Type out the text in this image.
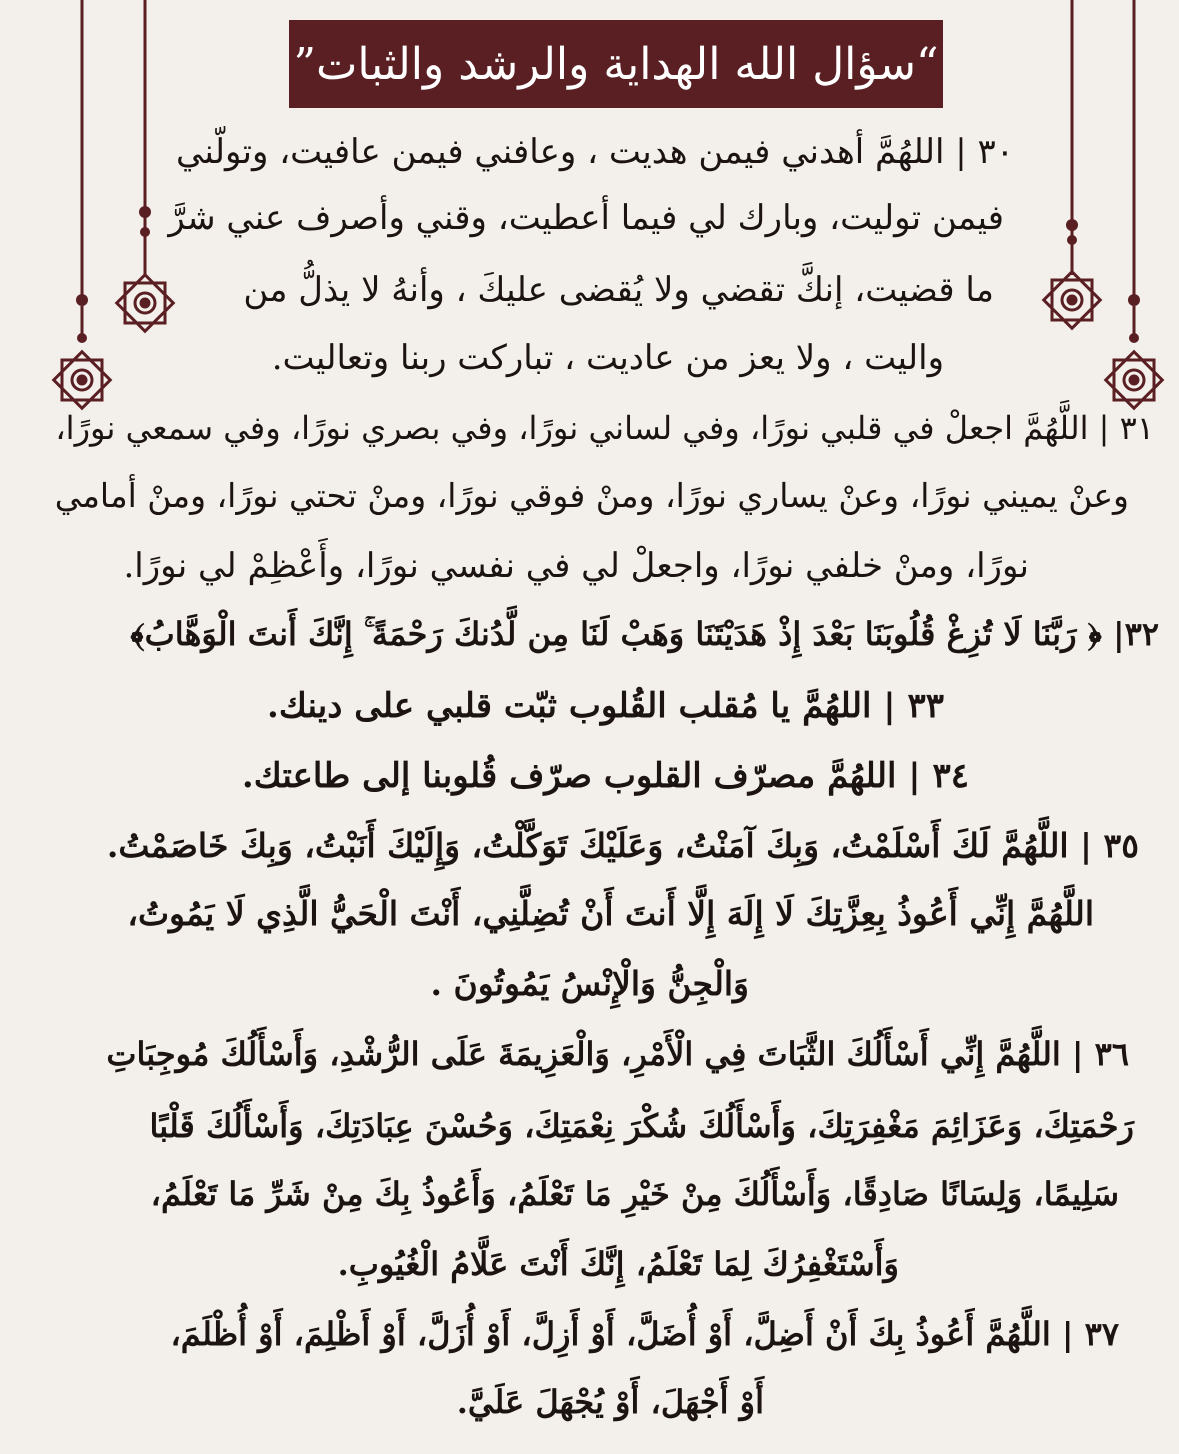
“سؤال الله الهداية والرشد والثبات”
٣٠ | اللهُمَّ أهدني فيمن هديت ، وعافني فيمن عافيت، وتولّني
فيمن توليت، وبارك لي فيما أعطيت، وقني وأصرف عني شرَّ
ما قضيت، إنكَّ تقضي ولا يُقضى عليكَ ، وأنهُ لا يذلُّ من
واليت ، ولا يعز من عاديت ، تباركت ربنا وتعاليت.
٣١ | اللَّهُمَّ اجعلْ في قلبي نورًا، وفي لساني نورًا، وفي بصري نورًا، وفي سمعي نورًا،
وعنْ يميني نورًا، وعنْ يساري نورًا، ومنْ فوقي نورًا، ومنْ تحتي نورًا، ومنْ أمامي
نورًا، ومنْ خلفي نورًا، واجعلْ لي في نفسي نورًا، وأَعْظِمْ لي نورًا.
٣٢| ﴿ رَبَّنَا لَا تُزِغْ قُلُوبَنَا بَعْدَ إِذْ هَدَيْتَنَا وَهَبْ لَنَا مِن لَّدُنكَ رَحْمَةً ۚ إِنَّكَ أَنتَ الْوَهَّابُ﴾
٣٣ | اللهُمَّ يا مُقلب القُلوب ثبّت قلبي على دينك.
٣٤ | اللهُمَّ مصرّف القلوب صرّف قُلوبنا إلى طاعتك.
٣٥ | اللَّهُمَّ لَكَ أَسْلَمْتُ، وَبِكَ آمَنْتُ، وَعَلَيْكَ تَوَكَّلْتُ، وَإِلَيْكَ أَنَبْتُ، وَبِكَ خَاصَمْتُ.
اللَّهُمَّ إِنِّي أَعُوذُ بِعِزَّتِكَ لَا إِلَهَ إِلَّا أَنتَ أَنْ تُضِلَّنِي، أَنْتَ الْحَيُّ الَّذِي لَا يَمُوتُ،
وَالْجِنُّ وَالْإِنْسُ يَمُوتُونَ .
٣٦ | اللَّهُمَّ إِنِّي أَسْأَلُكَ الثَّبَاتَ فِي الْأَمْرِ، وَالْعَزِيمَةَ عَلَى الرُّشْدِ، وَأَسْأَلُكَ مُوجِبَاتِ
رَحْمَتِكَ، وَعَزَائِمَ مَغْفِرَتِكَ، وَأَسْأَلُكَ شُكْرَ نِعْمَتِكَ، وَحُسْنَ عِبَادَتِكَ، وَأَسْأَلُكَ قَلْبًا
سَلِيمًا، وَلِسَانًا صَادِقًا، وَأَسْأَلُكَ مِنْ خَيْرِ مَا تَعْلَمُ، وَأَعُوذُ بِكَ مِنْ شَرِّ مَا تَعْلَمُ،
وَأَسْتَغْفِرُكَ لِمَا تَعْلَمُ، إِنَّكَ أَنْتَ عَلَّامُ الْغُيُوبِ.
٣٧ | اللَّهُمَّ أَعُوذُ بِكَ أَنْ أَضِلَّ، أَوْ أُضَلَّ، أَوْ أَزِلَّ، أَوْ أُزَلَّ، أَوْ أَظْلِمَ، أَوْ أُظْلَمَ،
أَوْ أَجْهَلَ، أَوْ يُجْهَلَ عَلَيَّ.
